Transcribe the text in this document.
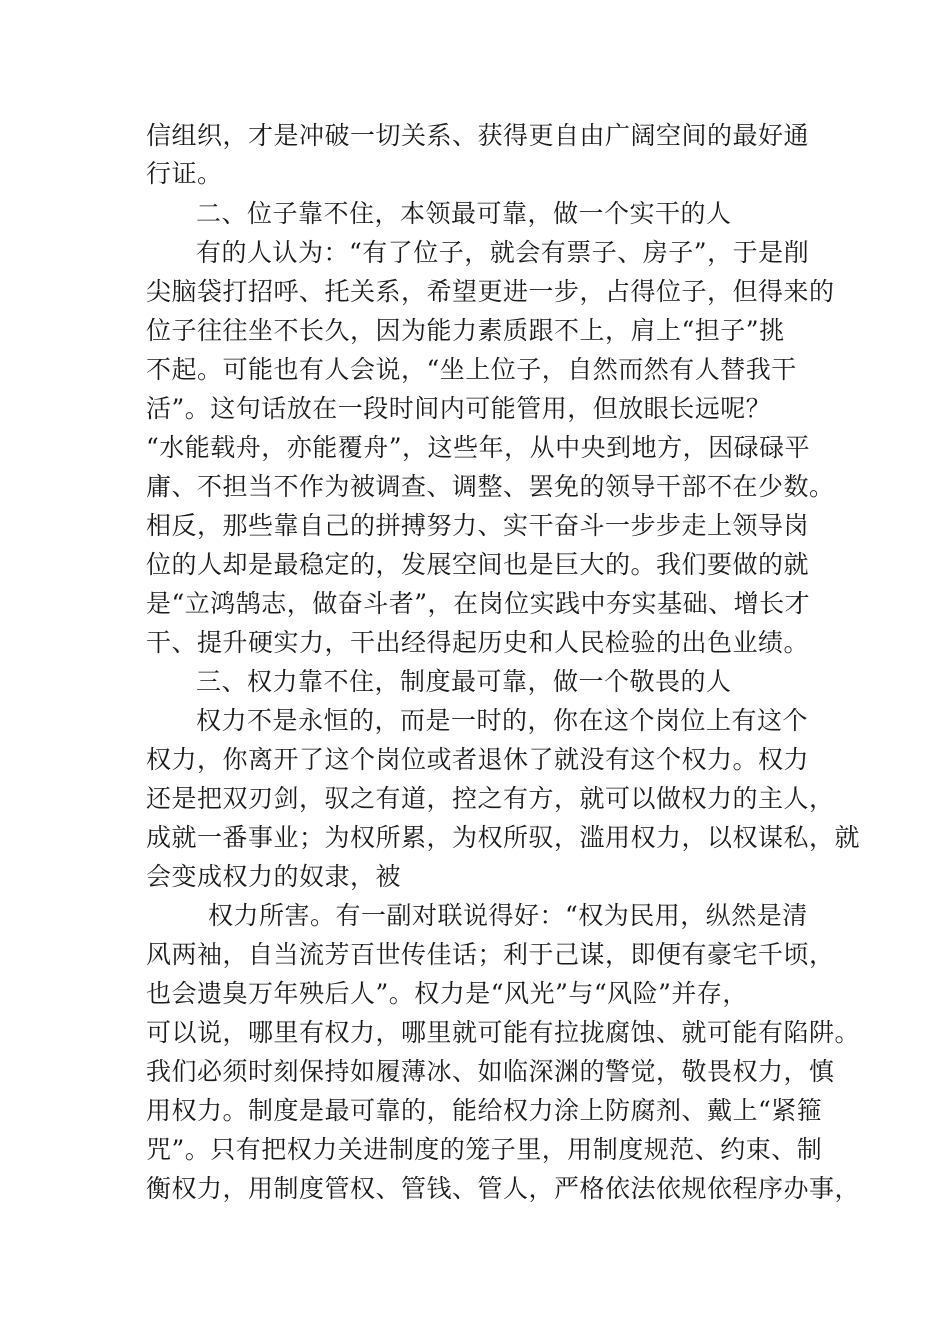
信组织，才是冲破一切关系、获得更自由广阔空间的最好通
行证。
二、位子靠不住，本领最可靠，做一个实干的人
有的人认为：“有了位子，就会有票子、房子”，于是削
尖脑袋打招呼、托关系，希望更进一步，占得位子，但得来的
位子往往坐不长久，因为能力素质跟不上，肩上“担子”挑
不起。可能也有人会说，“坐上位子，自然而然有人替我干
活”。这句话放在一段时间内可能管用，但放眼长远呢？
“水能载舟，亦能覆舟”，这些年，从中央到地方，因碌碌平
庸、不担当不作为被调查、调整、罢免的领导干部不在少数。
相反，那些靠自己的拼搏努力、实干奋斗一步步走上领导岗
位的人却是最稳定的，发展空间也是巨大的。我们要做的就
是“立鸿鹄志，做奋斗者”，在岗位实践中夯实基础、增长才
干、提升硬实力，干出经得起历史和人民检验的出色业绩。
三、权力靠不住，制度最可靠，做一个敬畏的人
权力不是永恒的，而是一时的，你在这个岗位上有这个
权力，你离开了这个岗位或者退休了就没有这个权力。权力
还是把双刃剑，驭之有道，控之有方，就可以做权力的主人，
成就一番事业；为权所累，为权所驭，滥用权力，以权谋私，就
会变成权力的奴隶，被
权力所害。有一副对联说得好：“权为民用，纵然是清
风两袖，自当流芳百世传佳话；利于己谋，即便有豪宅千顷，
也会遗臭万年殃后人”。权力是“风光”与“风险”并存，
可以说，哪里有权力，哪里就可能有拉拢腐蚀、就可能有陷阱。
我们必须时刻保持如履薄冰、如临深渊的警觉，敬畏权力，慎
用权力。制度是最可靠的，能给权力涂上防腐剂、戴上“紧箍
咒”。只有把权力关进制度的笼子里，用制度规范、约束、制
衡权力，用制度管权、管钱、管人，严格依法依规依程序办事，
